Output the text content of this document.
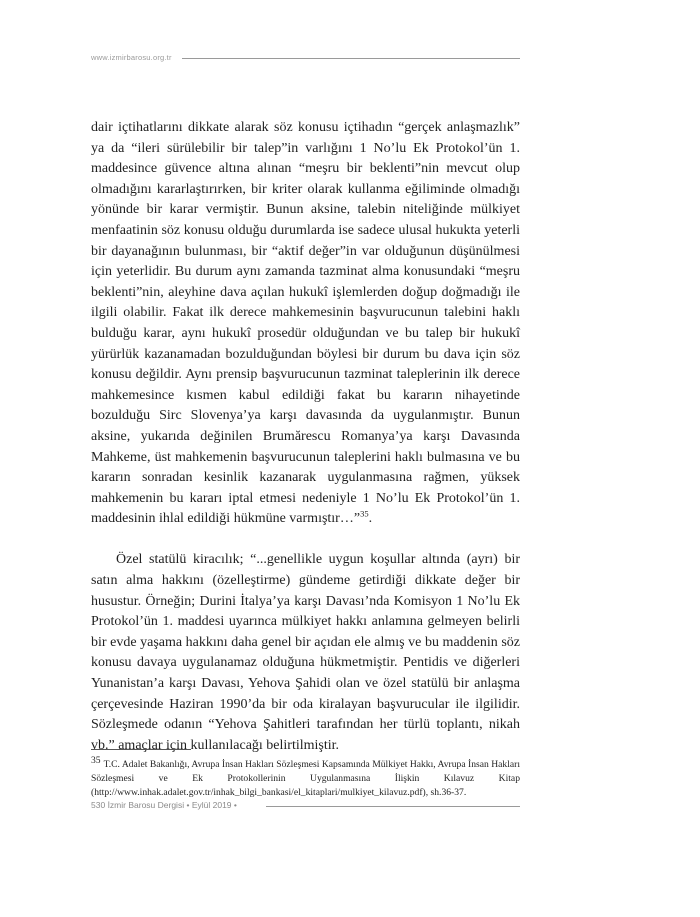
www.izmirbarosu.org.tr

dair içtihatlarını dikkate alarak söz konusu içtihadın “gerçek anlaşmazlık” ya da “ileri sürülebilir bir talep”in varlığını 1 No’lu Ek Protokol’ün 1. maddesince güvence altına alınan “meşru bir beklenti”nin mevcut olup olmadığını kararlaştırırken, bir kriter olarak kullanma eğiliminde olmadığı yönünde bir karar vermiştir. Bunun aksine, talebin niteliğinde mülkiyet menfaatinin söz konusu olduğu durumlarda ise sadece ulusal hukukta yeterli bir dayanağının bulunması, bir “aktif değer”in var olduğunun düşünülmesi için yeterlidir. Bu durum aynı zamanda tazminat alma konusundaki “meşru beklenti”nin, aleyhine dava açılan hukukî işlemlerden doğup doğmadığı ile ilgili olabilir. Fakat ilk derece mahkemesinin başvurucunun talebini haklı bulduğu karar, aynı hukukî prosedür olduğundan ve bu talep bir hukukî yürürlük kazanamadan bozulduğundan böylesi bir durum bu dava için söz konusu değildir. Aynı prensip başvurucunun tazminat taleplerinin ilk derece mahkemesince kısmen kabul edildiği fakat bu kararın nihayetinde bozulduğu Sirc Slovenya’ya karşı davasında da uygulanmıştır. Bunun aksine, yukarıda değinilen Brumărescu Romanya’ya karşı Davasında Mahkeme, üst mahkemenin başvurucunun taleplerini haklı bulmasına ve bu kararın sonradan kesinlik kazanarak uygulanmasına rağmen, yüksek mahkemenin bu kararı iptal etmesi nedeniyle 1 No’lu Ek Protokol’ün 1. maddesinin ihlal edildiği hükmüne varmıştır…”$^{35}$.

Özel statülü kiracılık; “...genellikle uygun koşullar altında (ayrı) bir satın alma hakkını (özelleştirme) gündeme getirdiği dikkate değer bir husustur. Örneğin; Durini İtalya’ya karşı Davası’nda Komisyon 1 No’lu Ek Protokol’ün 1. maddesi uyarınca mülkiyet hakkı anlamına gelmeyen belirli bir evde yaşama hakkını daha genel bir açıdan ele almış ve bu maddenin söz konusu davaya uygulanamaz olduğuna hükmetmiştir. Pentidis ve diğerleri Yunanistan’a karşı Davası, Yehova Şahidi olan ve özel statülü bir anlaşma çerçevesinde Haziran 1990’da bir oda kiralayan başvurucular ile ilgilidir. Sözleşmede odanın “Yehova Şahitleri tarafından her türlü toplantı, nikah vb.” amaçlar için kullanılacağı belirtilmiştir.

$^{35}$ T.C. Adalet Bakanlığı, Avrupa İnsan Hakları Sözleşmesi Kapsamında Mülkiyet Hakkı, Avrupa İnsan Hakları Sözleşmesi ve Ek Protokollerinin Uygulanmasına İlişkin Kılavuz Kitap (http://www.inhak.adalet.gov.tr/inhak_bilgi_bankasi/el_kitaplari/mulkiyet_kilavuz.pdf), sh.36-37.
530 İzmir Barosu Dergisi • Eylül 2019 •
